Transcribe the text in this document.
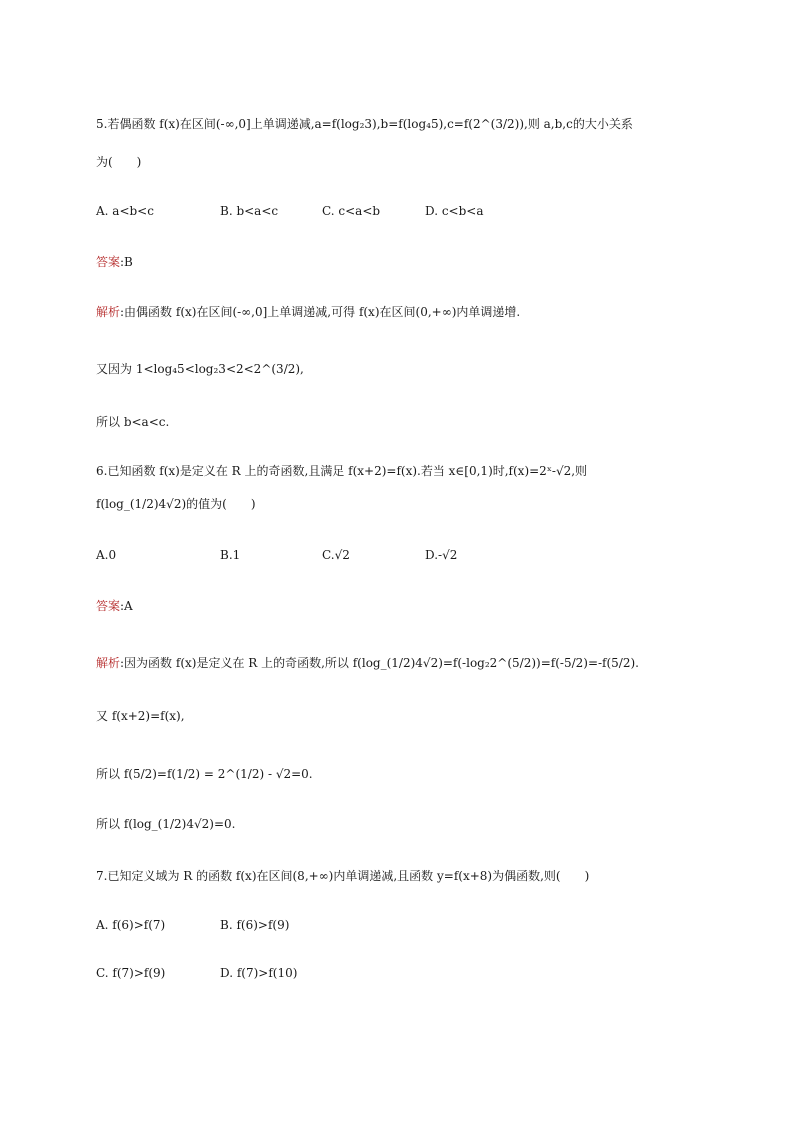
5.若偶函数 f(x)在区间(-∞,0]上单调递减,a=f(log₂3),b=f(log₄5),c=f(2^(3/2)),则 a,b,c的大小关系
为(　　)
A. a<b<c	B. b<a<c	C. c<a<b	D. c<b<a
答案:B
解析:由偶函数 f(x)在区间(-∞,0]上单调递减,可得 f(x)在区间(0,+∞)内单调递增.
又因为 1<log₄5<log₂3<2<2^(3/2),
所以 b<a<c.
6.已知函数 f(x)是定义在 R 上的奇函数,且满足 f(x+2)=f(x).若当 x∈[0,1)时,f(x)=2ˣ-√2,则
f(log_(1/2)4√2)的值为(　　)
A.0	B.1	C.√2	D.-√2
答案:A
解析:因为函数 f(x)是定义在 R 上的奇函数,所以 f(log_(1/2)4√2)=f(-log₂2^(5/2))=f(-5/2)=-f(5/2).
又 f(x+2)=f(x),
所以 f(5/2)=f(1/2) = 2^(1/2) - √2=0.
所以 f(log_(1/2)4√2)=0.
7.已知定义域为 R 的函数 f(x)在区间(8,+∞)内单调递减,且函数 y=f(x+8)为偶函数,则(　　)
A. f(6)>f(7)	B. f(6)>f(9)
C. f(7)>f(9)	D. f(7)>f(10)
